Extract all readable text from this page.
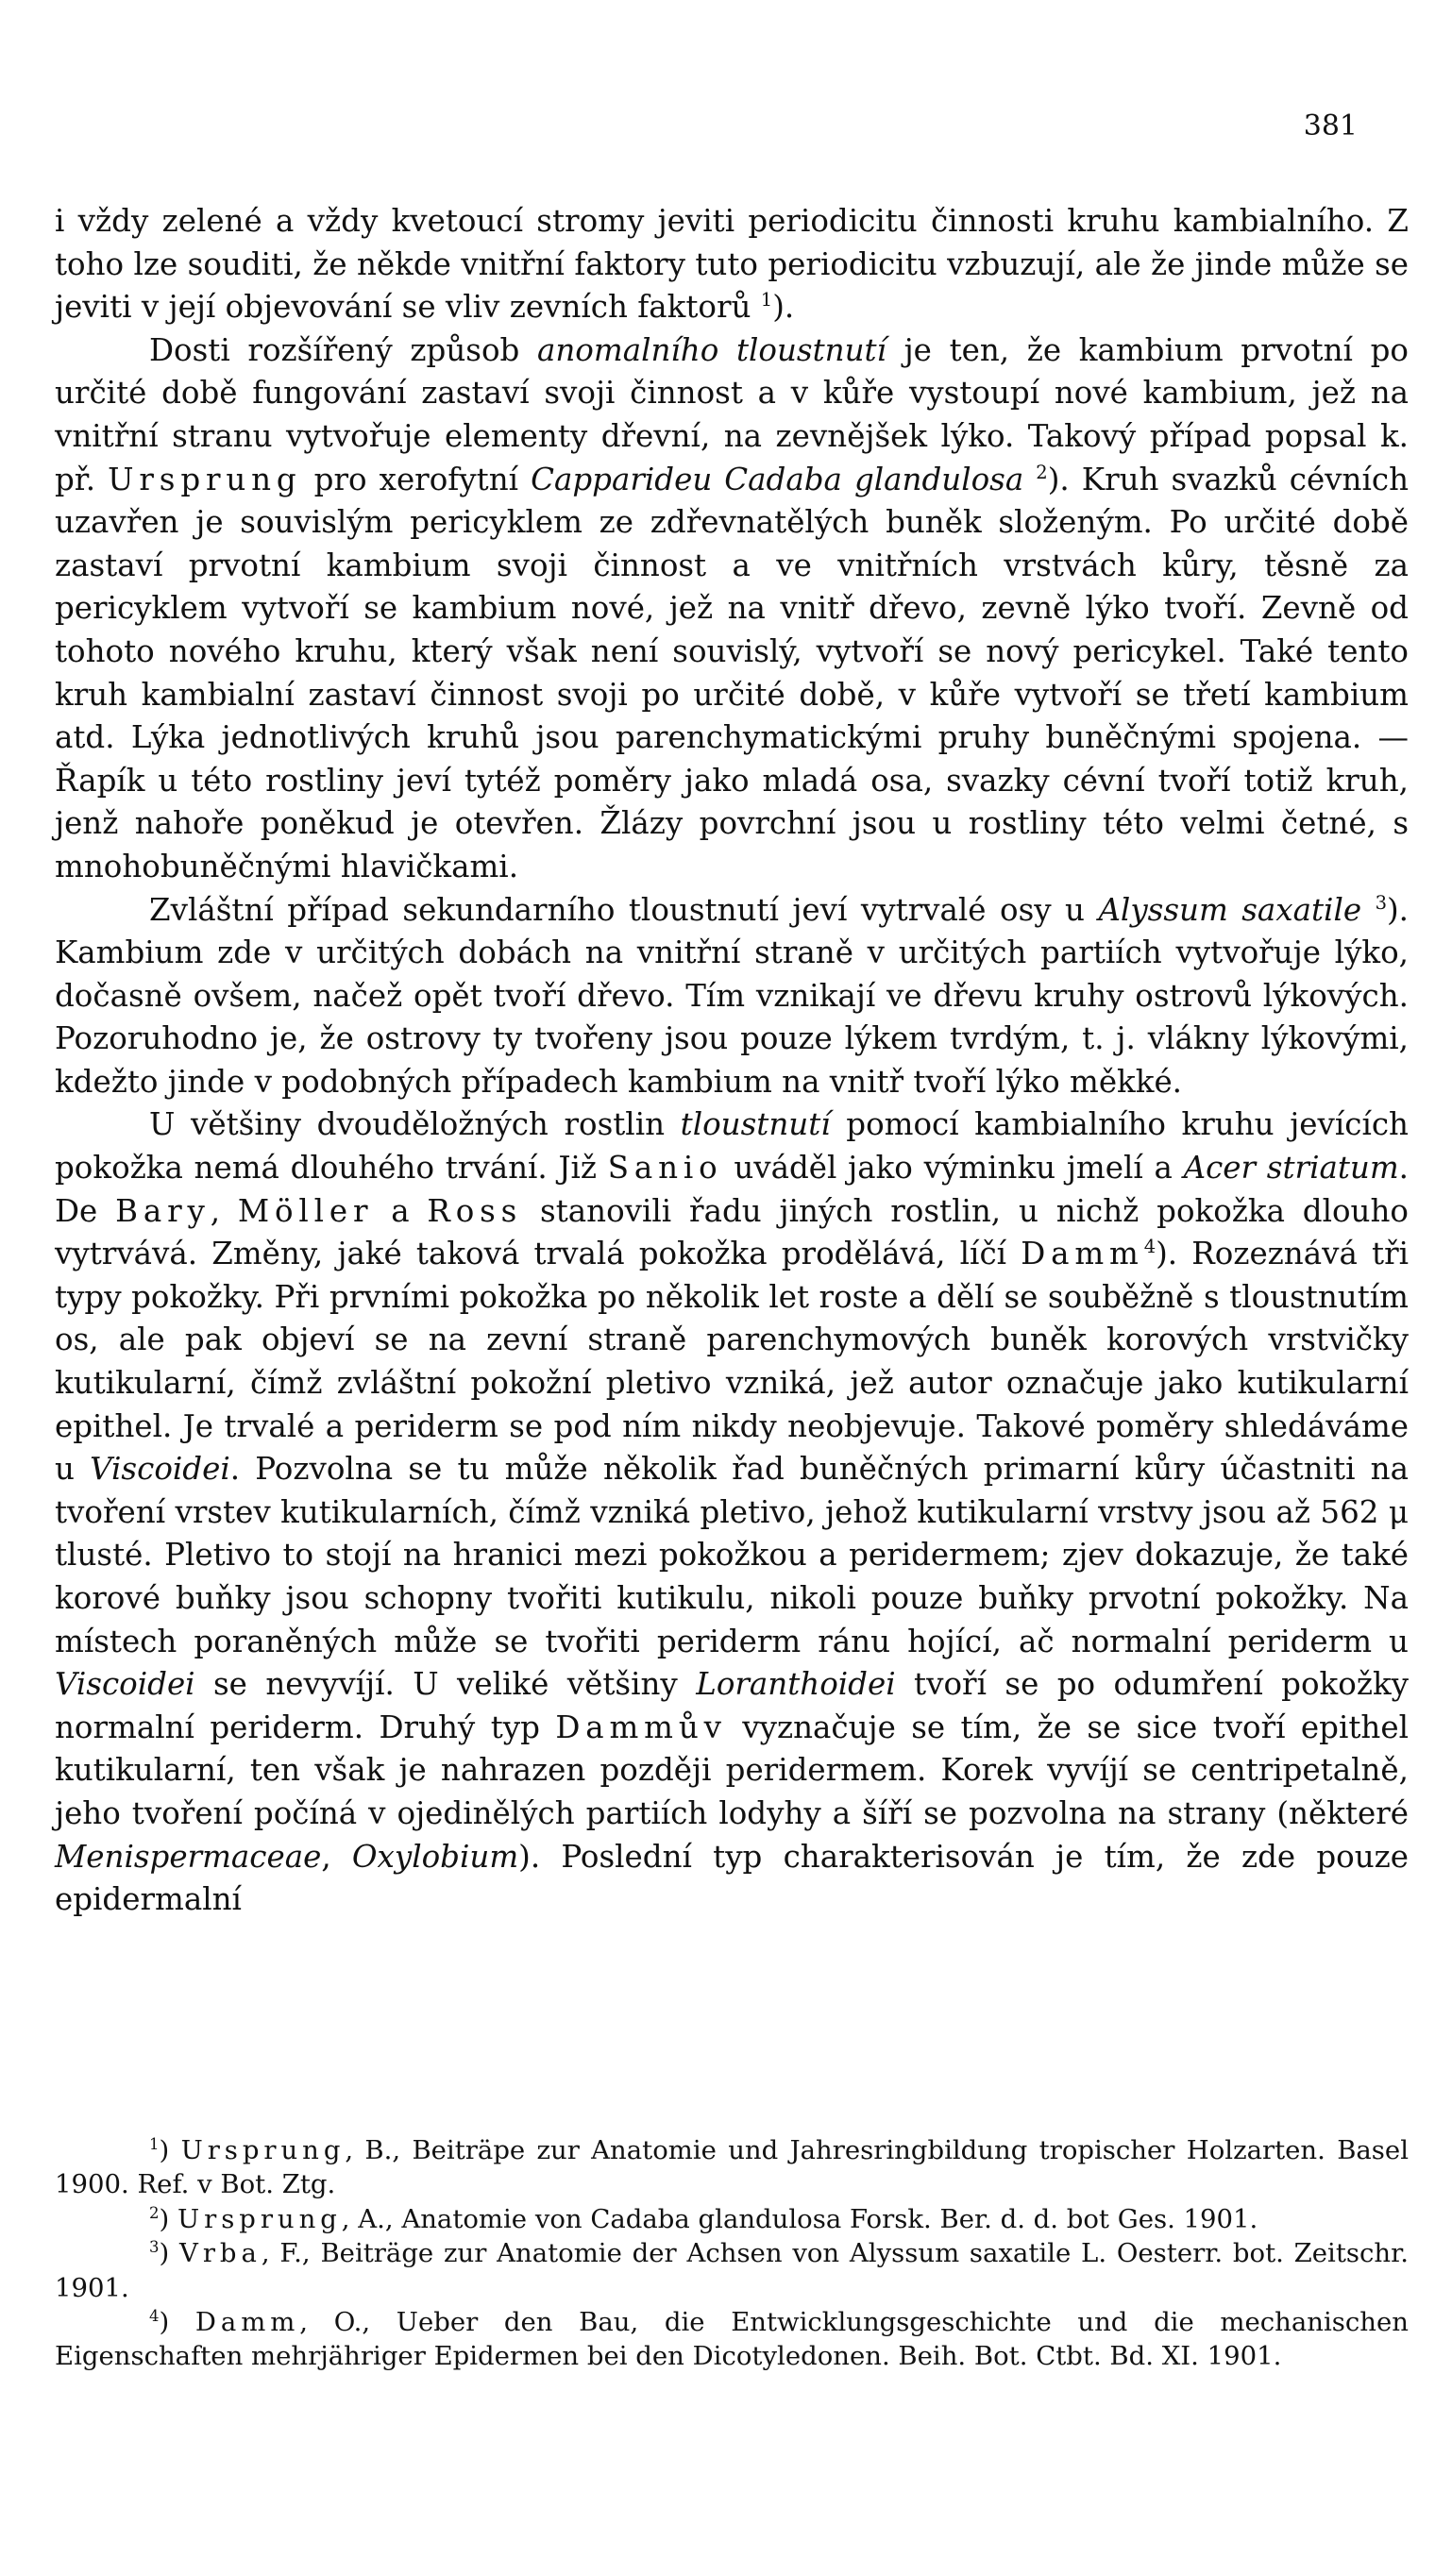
381

i vždy zelené a vždy kvetoucí stromy jeviti periodicitu činnosti kruhu kambialního. Z toho lze souditi, že někde vnitřní faktory tuto periodicitu vzbuzují, ale že jinde může se jeviti v její objevování se vliv zevních faktorů $^1$).

Dosti rozšířený způsob anomalního tloustnutí je ten, že kambium prvotní po určité době fungování zastaví svoji činnost a v kůře vystoupí nové kambium, jež na vnitřní stranu vytvořuje elementy dřevní, na zevnějšek lýko. Takový případ popsal k. př. Ursprung pro xerofytní Capparideu Cadaba glandulosa $^2$). Kruh svazků cévních uzavřen je souvislým pericyklem ze zdřevnatělých buněk složeným. Po určité době zastaví prvotní kambium svoji činnost a ve vnitřních vrstvách kůry, těsně za pericyklem vytvoří se kambium nové, jež na vnitř dřevo, zevně lýko tvoří. Zevně od tohoto nového kruhu, který však není souvislý, vytvoří se nový pericykel. Také tento kruh kambialní zastaví činnost svoji po určité době, v kůře vytvoří se třetí kambium atd. Lýka jednotlivých kruhů jsou parenchymatickými pruhy buněčnými spojena. — Řapík u této rostliny jeví tytéž poměry jako mladá osa, svazky cévní tvoří totiž kruh, jenž nahoře poněkud je otevřen. Žlázy povrchní jsou u rostliny této velmi četné, s mnohobuněčnými hlavičkami.

Zvláštní případ sekundarního tloustnutí jeví vytrvalé osy u Alyssum saxatile $^3$). Kambium zde v určitých dobách na vnitřní straně v určitých partiích vytvořuje lýko, dočasně ovšem, načež opět tvoří dřevo. Tím vznikají ve dřevu kruhy ostrovů lýkových. Pozoruhodno je, že ostrovy ty tvořeny jsou pouze lýkem tvrdým, t. j. vlákny lýkovými, kdežto jinde v podobných případech kambium na vnitř tvoří lýko měkké.

U většiny dvouděložných rostlin tloustnutí pomocí kambialního kruhu jevících pokožka nemá dlouhého trvání. Již Sanio uváděl jako výminku jmelí a Acer striatum. De Bary, Möller a Ross stanovili řadu jiných rostlin, u nichž pokožka dlouho vytrvává. Změny, jaké taková trvalá pokožka prodělává, líčí Damm$^4$). Rozeznává tři typy pokožky. Při prvními pokožka po několik let roste a dělí se souběžně s tloustnutím os, ale pak objeví se na zevní straně parenchymových buněk korových vrstvičky kutikularní, čímž zvláštní pokožní pletivo vzniká, jež autor označuje jako kutikularní epithel. Je trvalé a periderm se pod ním nikdy neobjevuje. Takové poměry shledáváme u Viscoidei. Pozvolna se tu může několik řad buněčných primarní kůry účastniti na tvoření vrstev kutikularních, čímž vzniká pletivo, jehož kutikularní vrstvy jsou až 562 μ tlusté. Pletivo to stojí na hranici mezi pokožkou a peridermem; zjev dokazuje, že také korové buňky jsou schopny tvořiti kutikulu, nikoli pouze buňky prvotní pokožky. Na místech poraněných může se tvořiti periderm ránu hojící, ač normalní periderm u Viscoidei se nevyvíjí. U veliké většiny Loranthoidei tvoří se po odumření pokožky normalní periderm. Druhý typ Dammův vyznačuje se tím, že se sice tvoří epithel kutikularní, ten však je nahrazen později peridermem. Korek vyvíjí se centripetalně, jeho tvoření počíná v ojedinělých partiích lodyhy a šíří se pozvolna na strany (některé Menispermaceae, Oxylobium). Poslední typ charakterisován je tím, že zde pouze epidermalní

$^1$) Ursprung, B., Beiträpe zur Anatomie und Jahresringbildung tropischer Holzarten. Basel 1900. Ref. v Bot. Ztg.

$^2$) Ursprung, A., Anatomie von Cadaba glandulosa Forsk. Ber. d. d. bot Ges. 1901.

$^3$) Vrba, F., Beiträge zur Anatomie der Achsen von Alyssum saxatile L. Oesterr. bot. Zeitschr. 1901.

$^4$) Damm, O., Ueber den Bau, die Entwicklungsgeschichte und die mechanischen Eigenschaften mehrjähriger Epidermen bei den Dicotyledonen. Beih. Bot. Ctbt. Bd. XI. 1901.
